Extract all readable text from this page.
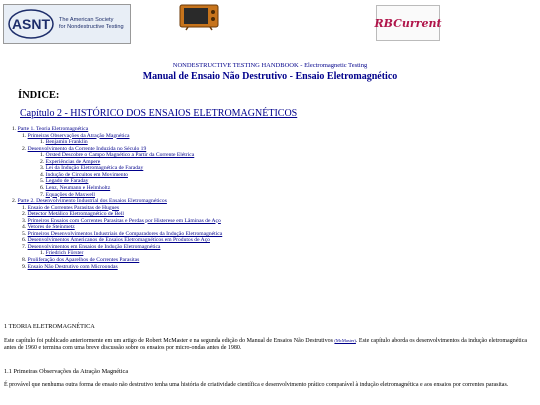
ASNT The American Society
for Nondestructive Testing	RBCurrent
NONDESTRUCTIVE TESTING HANDBOOK - Electromagnetic Testing
Manual de Ensaio Não Destrutivo - Ensaio Eletromagnético
ÍNDICE:
Capítulo 2 - HISTÓRICO DOS ENSAIOS ELETROMAGNÉTICOS
1. Parte 1. Teoria Eletromagnética
1. Primeiras Observações da Atração Magnética
1. Benjamin Franklin
2. Desenvolvimento da Corrente Induzida no Século 19
1. Orsted Descobre o Campo Magnético a Partir da Corrente Elétrica
2. Experiências de Ampere
3. Lei da Indução Eletromagnética de Faraday
4. Indução de Circuitos em Movimento
5. Legado de Faraday
6. Lenz, Neumann e Helmholtz
7. Equações de Maxwell
2. Parte 2. Desenvolvimento Industrial dos Ensaios Eletromagnéticos
1. Ensaio de Correntes Parasitas de Hugues
2. Detector Metálico Eletromagnético de Bell
3. Primeiros Ensaios com Correntes Parasitas e Perdas por Histerese em Lâminas de Aço
4. Vetores de Steinmetz
5. Primeiros Desenvolvimentos Industriais de Comparadores da Indução Eletromagnética
6. Desenvolvimentos Americanos de Ensaios Eletromagnéticos em Produtos de Aço
7. Desenvolvimentos em Ensaios de Indução Eletromagnética
1. Friedrich Förster
8. Proliferação dos Aparelhos de Correntes Parasitas
9. Ensaio Não Destrutivo com Microondas
1 TEORIA ELETROMAGNÉTICA
Este capítulo foi publicado anteriormente em um artigo de Robert McMaster e na segunda edição do Manual de Ensaios Não Destrutivos (McMaster). Este capítulo aborda os desenvolvimentos da indução eletromagnética antes de 1960 e termina com uma breve discussão sobre os ensaios por micro-ondas antes de 1980.
1.1 Primeiras Observações da Atração Magnética
É provável que nenhuma outra forma de ensaio não destrutivo tenha uma história de criatividade científica e desenvolvimento prático comparável à indução eletromagnética e aos ensaios por correntes parasitas.
